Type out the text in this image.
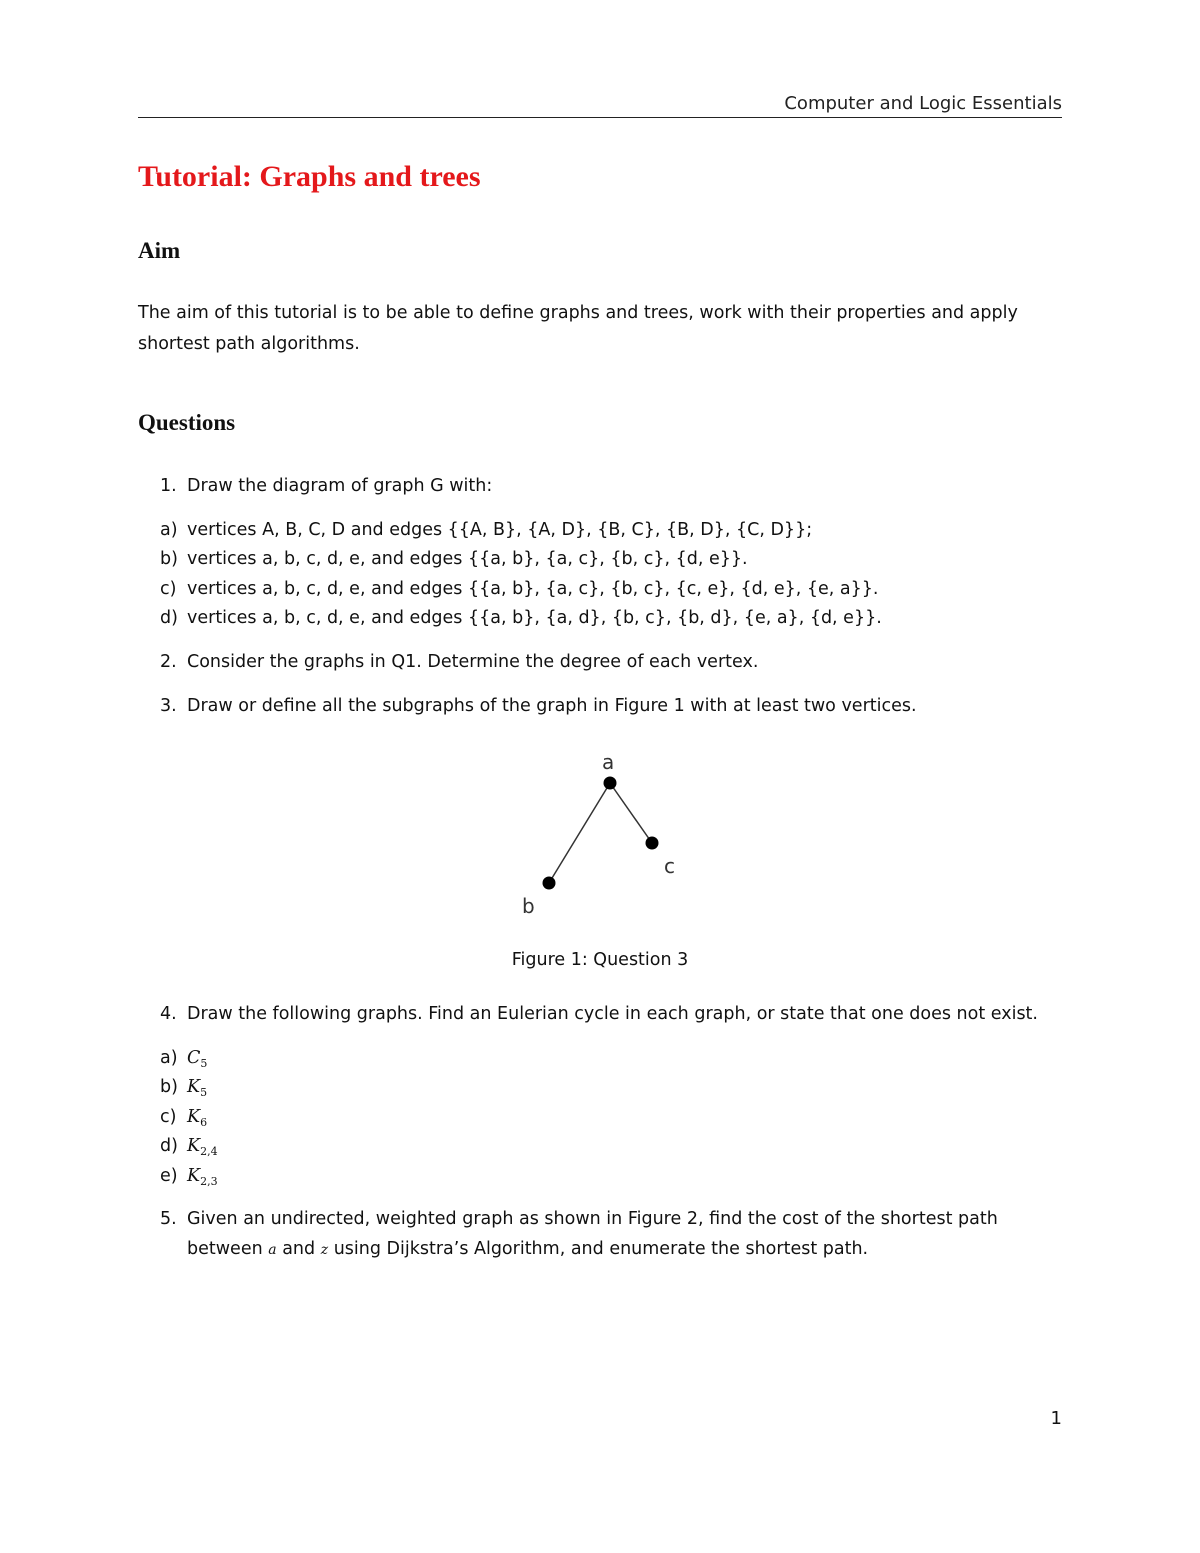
Computer and Logic Essentials
Tutorial: Graphs and trees
Aim

The aim of this tutorial is to be able to define graphs and trees, work with their properties and apply shortest path algorithms.

Questions
1. Draw the diagram of graph G with:
a) vertices A, B, C, D and edges {{A, B}, {A, D}, {B, C}, {B, D}, {C, D}};
b) vertices a, b, c, d, e, and edges {{a, b}, {a, c}, {b, c}, {d, e}}.
c) vertices a, b, c, d, e, and edges {{a, b}, {a, c}, {b, c}, {c, e}, {d, e}, {e, a}}.
d) vertices a, b, c, d, e, and edges {{a, b}, {a, d}, {b, c}, {b, d}, {e, a}, {d, e}}.
2. Consider the graphs in Q1. Determine the degree of each vertex.
3. Draw or define all the subgraphs of the graph in Figure 1 with at least two vertices.
a
b
c
Figure 1: Question 3
4. Draw the following graphs. Find an Eulerian cycle in each graph, or state that one does not exist.
a) $C_5$
b) $K_5$
c) $K_6$
d) $K_{2,4}$
e) $K_{2,3}$
5. Given an undirected, weighted graph as shown in Figure 2, find the cost of the shortest path
between a and z using Dijkstra’s Algorithm, and enumerate the shortest path.
1
